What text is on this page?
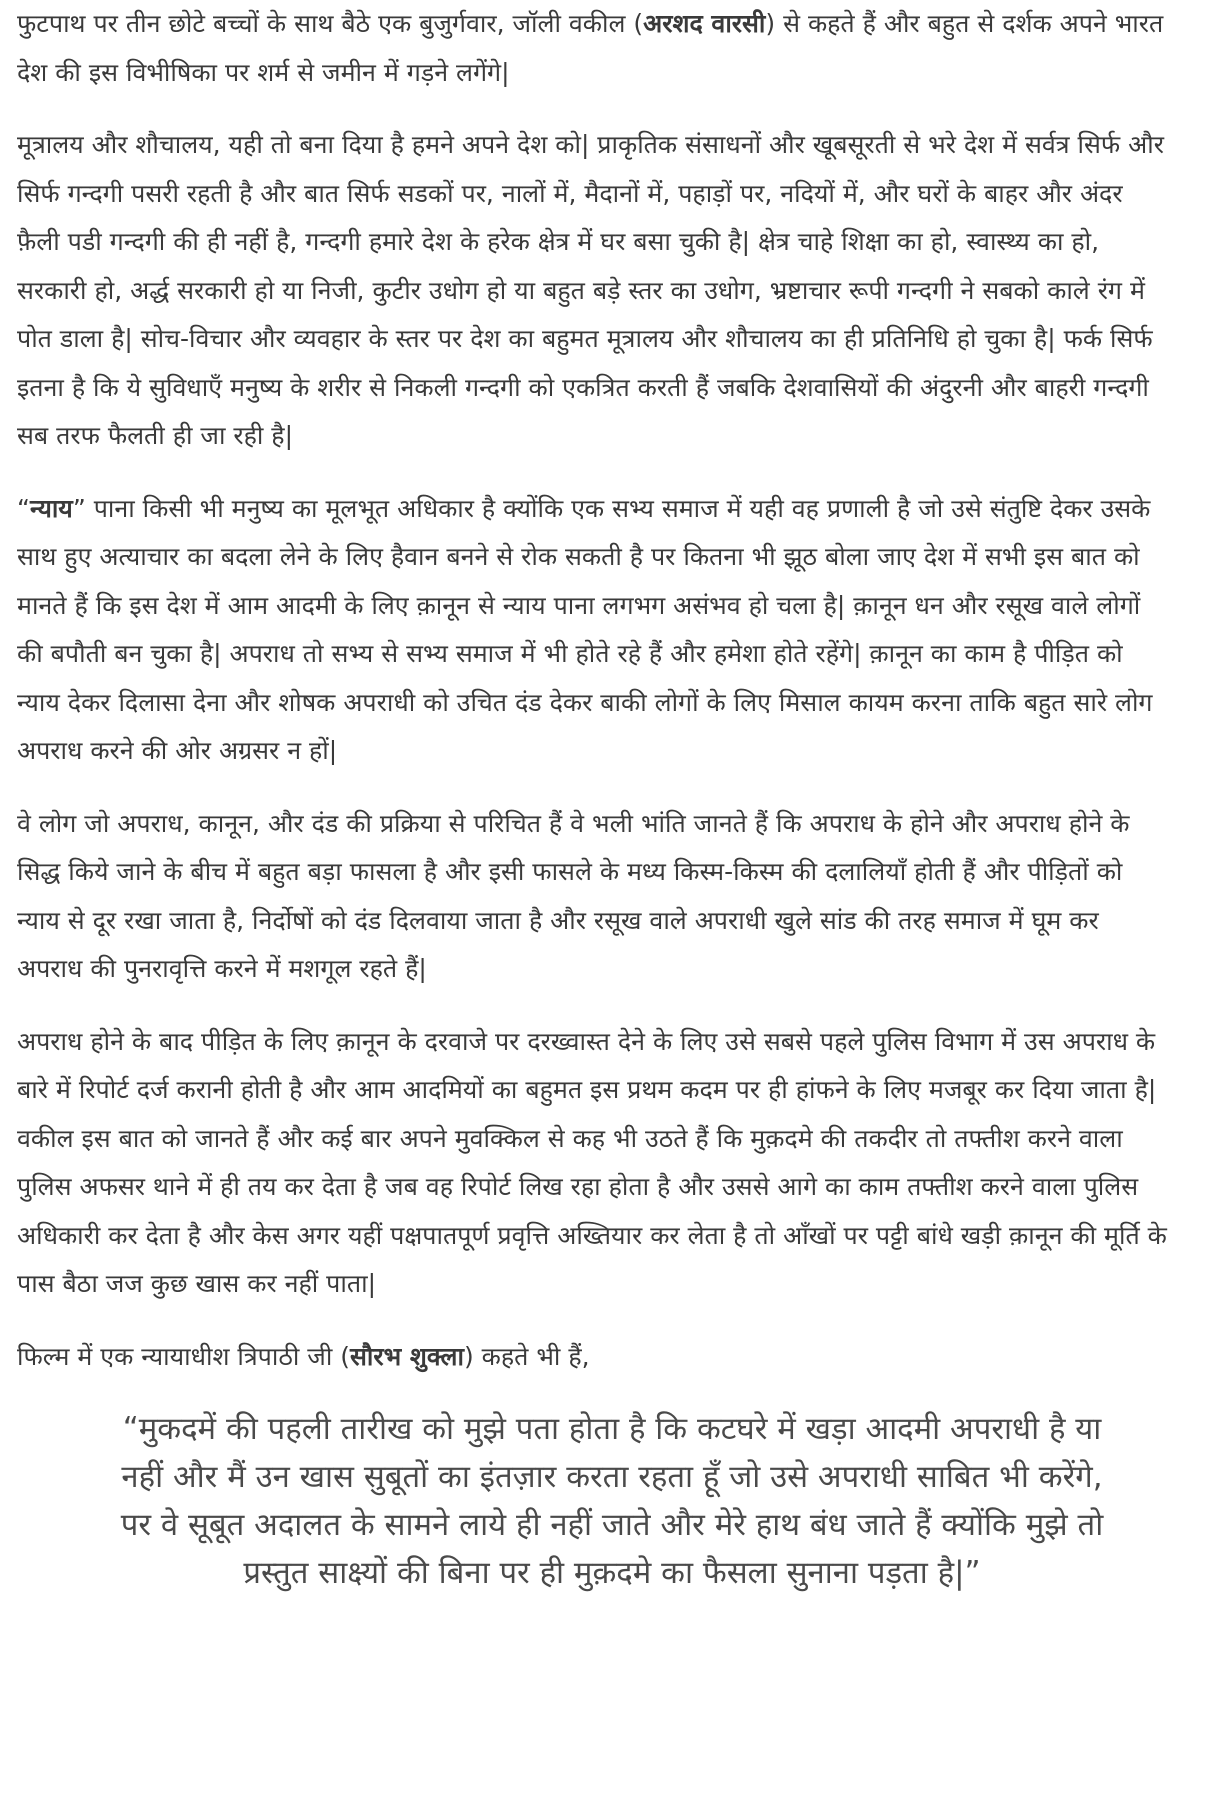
फुटपाथ पर तीन छोटे बच्चों के साथ बैठे एक बुजुर्गवार, जॉली वकील (अरशद वारसी) से कहते हैं और बहुत से दर्शक अपने भारत देश की इस विभीषिका पर शर्म से जमीन में गड़ने लगेंगे|

मूत्रालय और शौचालय, यही तो बना दिया है हमने अपने देश को| प्राकृतिक संसाधनों और खूबसूरती से भरे देश में सर्वत्र सिर्फ और सिर्फ गन्दगी पसरी रहती है और बात सिर्फ सडकों पर, नालों में, मैदानों में, पहाड़ों पर, नदियों में, और घरों के बाहर और अंदर फ़ैली पडी गन्दगी की ही नहीं है, गन्दगी हमारे देश के हरेक क्षेत्र में घर बसा चुकी है| क्षेत्र चाहे शिक्षा का हो, स्वास्थ्य का हो, सरकारी हो, अर्द्ध सरकारी हो या निजी, कुटीर उधोग हो या बहुत बड़े स्तर का उधोग, भ्रष्टाचार रूपी गन्दगी ने सबको काले रंग में पोत डाला है| सोच-विचार और व्यवहार के स्तर पर देश का बहुमत मूत्रालय और शौचालय का ही प्रतिनिधि हो चुका है| फर्क सिर्फ इतना है कि ये सुविधाएँ मनुष्य के शरीर से निकली गन्दगी को एकत्रित करती हैं जबकि देशवासियों की अंदुरनी और बाहरी गन्दगी सब तरफ फैलती ही जा रही है|

“न्याय” पाना किसी भी मनुष्य का मूलभूत अधिकार है क्योंकि एक सभ्य समाज में यही वह प्रणाली है जो उसे संतुष्टि देकर उसके साथ हुए अत्याचार का बदला लेने के लिए हैवान बनने से रोक सकती है पर कितना भी झूठ बोला जाए देश में सभी इस बात को मानते हैं कि इस देश में आम आदमी के लिए क़ानून से न्याय पाना लगभग असंभव हो चला है| क़ानून धन और रसूख वाले लोगों की बपौती बन चुका है| अपराध तो सभ्य से सभ्य समाज में भी होते रहे हैं और हमेशा होते रहेंगे| क़ानून का काम है पीड़ित को न्याय देकर दिलासा देना और शोषक अपराधी को उचित दंड देकर बाकी लोगों के लिए मिसाल कायम करना ताकि बहुत सारे लोग अपराध करने की ओर अग्रसर न हों|

वे लोग जो अपराध, कानून, और दंड की प्रक्रिया से परिचित हैं वे भली भांति जानते हैं कि अपराध के होने और अपराध होने के सिद्ध किये जाने के बीच में बहुत बड़ा फासला है और इसी फासले के मध्य किस्म-किस्म की दलालियाँ होती हैं और पीड़ितों को न्याय से दूर रखा जाता है, निर्दोषों को दंड दिलवाया जाता है और रसूख वाले अपराधी खुले सांड की तरह समाज में घूम कर अपराध की पुनरावृत्ति करने में मशगूल रहते हैं|

अपराध होने के बाद पीड़ित के लिए क़ानून के दरवाजे पर दरख्वास्त देने के लिए उसे सबसे पहले पुलिस विभाग में उस अपराध के बारे में रिपोर्ट दर्ज करानी होती है और आम आदमियों का बहुमत इस प्रथम कदम पर ही हांफने के लिए मजबूर कर दिया जाता है| वकील इस बात को जानते हैं और कई बार अपने मुवक्किल से कह भी उठते हैं कि मुक़दमे की तकदीर तो तफ्तीश करने वाला पुलिस अफसर थाने में ही तय कर देता है जब वह रिपोर्ट लिख रहा होता है और उससे आगे का काम तफ्तीश करने वाला पुलिस अधिकारी कर देता है और केस अगर यहीं पक्षपातपूर्ण प्रवृत्ति अख्तियार कर लेता है तो आँखों पर पट्टी बांधे खड़ी क़ानून की मूर्ति के पास बैठा जज कुछ खास कर नहीं पाता|

फिल्म में एक न्यायाधीश त्रिपाठी जी (सौरभ शुक्ला) कहते भी हैं,

“मुकदमें की पहली तारीख को मुझे पता होता है कि कटघरे में खड़ा आदमी अपराधी है या नहीं और मैं उन खास सुबूतों का इंतज़ार करता रहता हूँ जो उसे अपराधी साबित भी करेंगे, पर वे सूबूत अदालत के सामने लाये ही नहीं जाते और मेरे हाथ बंध जाते हैं क्योंकि मुझे तो प्रस्तुत साक्ष्यों की बिना पर ही मुक़दमे का फैसला सुनाना पड़ता है|”
